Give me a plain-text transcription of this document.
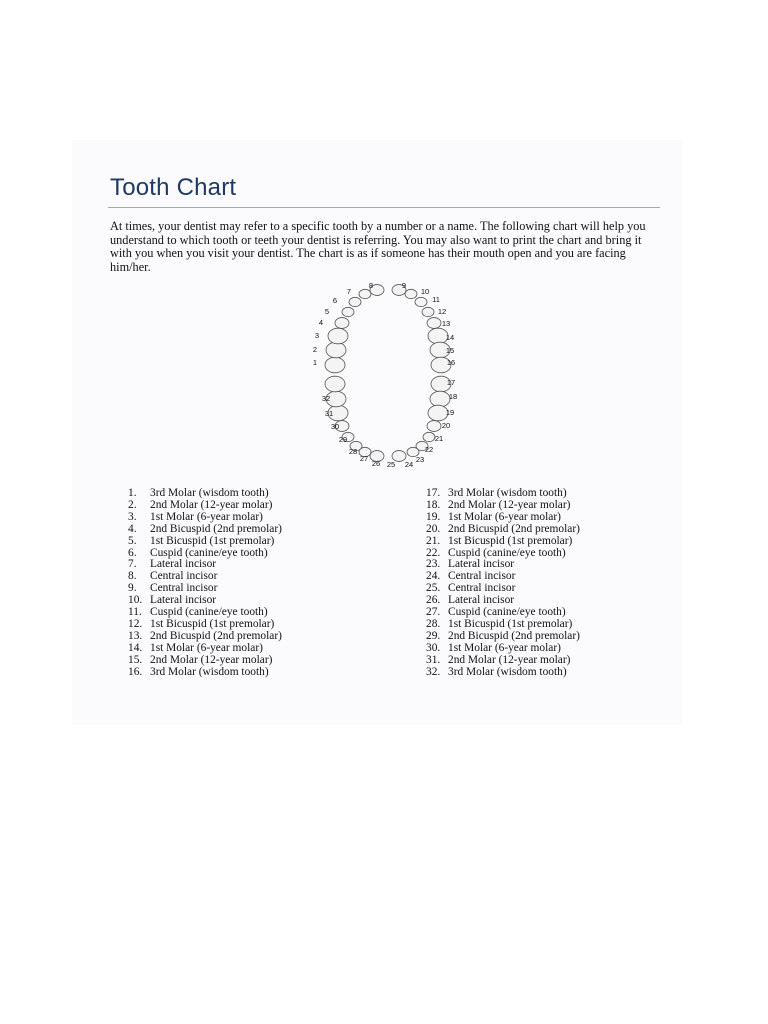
Tooth Chart

At times, your dentist may refer to a specific tooth by a number or a name. The following chart will help you understand to which tooth or teeth your dentist is referring. You may also want to print the chart and bring it with you when you visit your dentist. The chart is as if someone has their mouth open and you are facing him/her.

1
2
3
4
5
6
7
8	9
10
11
12
13
14
15
16
17
18
19
20
21
22
23
24
25
26
27
28
29
30
31
32
1. 3rd Molar (wisdom tooth)
2. 2nd Molar (12-year molar)
3. 1st Molar (6-year molar)
4. 2nd Bicuspid (2nd premolar)
5. 1st Bicuspid (1st premolar)
6. Cuspid (canine/eye tooth)
7. Lateral incisor
8. Central incisor
9. Central incisor
10. Lateral incisor
11. Cuspid (canine/eye tooth)
12. 1st Bicuspid (1st premolar)
13. 2nd Bicuspid (2nd premolar)
14. 1st Molar (6-year molar)
15. 2nd Molar (12-year molar)
16. 3rd Molar (wisdom tooth)
17. 3rd Molar (wisdom tooth)
18. 2nd Molar (12-year molar)
19. 1st Molar (6-year molar)
20. 2nd Bicuspid (2nd premolar)
21. 1st Bicuspid (1st premolar)
22. Cuspid (canine/eye tooth)
23. Lateral incisor
24. Central incisor
25. Central incisor
26. Lateral incisor
27. Cuspid (canine/eye tooth)
28. 1st Bicuspid (1st premolar)
29. 2nd Bicuspid (2nd premolar)
30. 1st Molar (6-year molar)
31. 2nd Molar (12-year molar)
32. 3rd Molar (wisdom tooth)
